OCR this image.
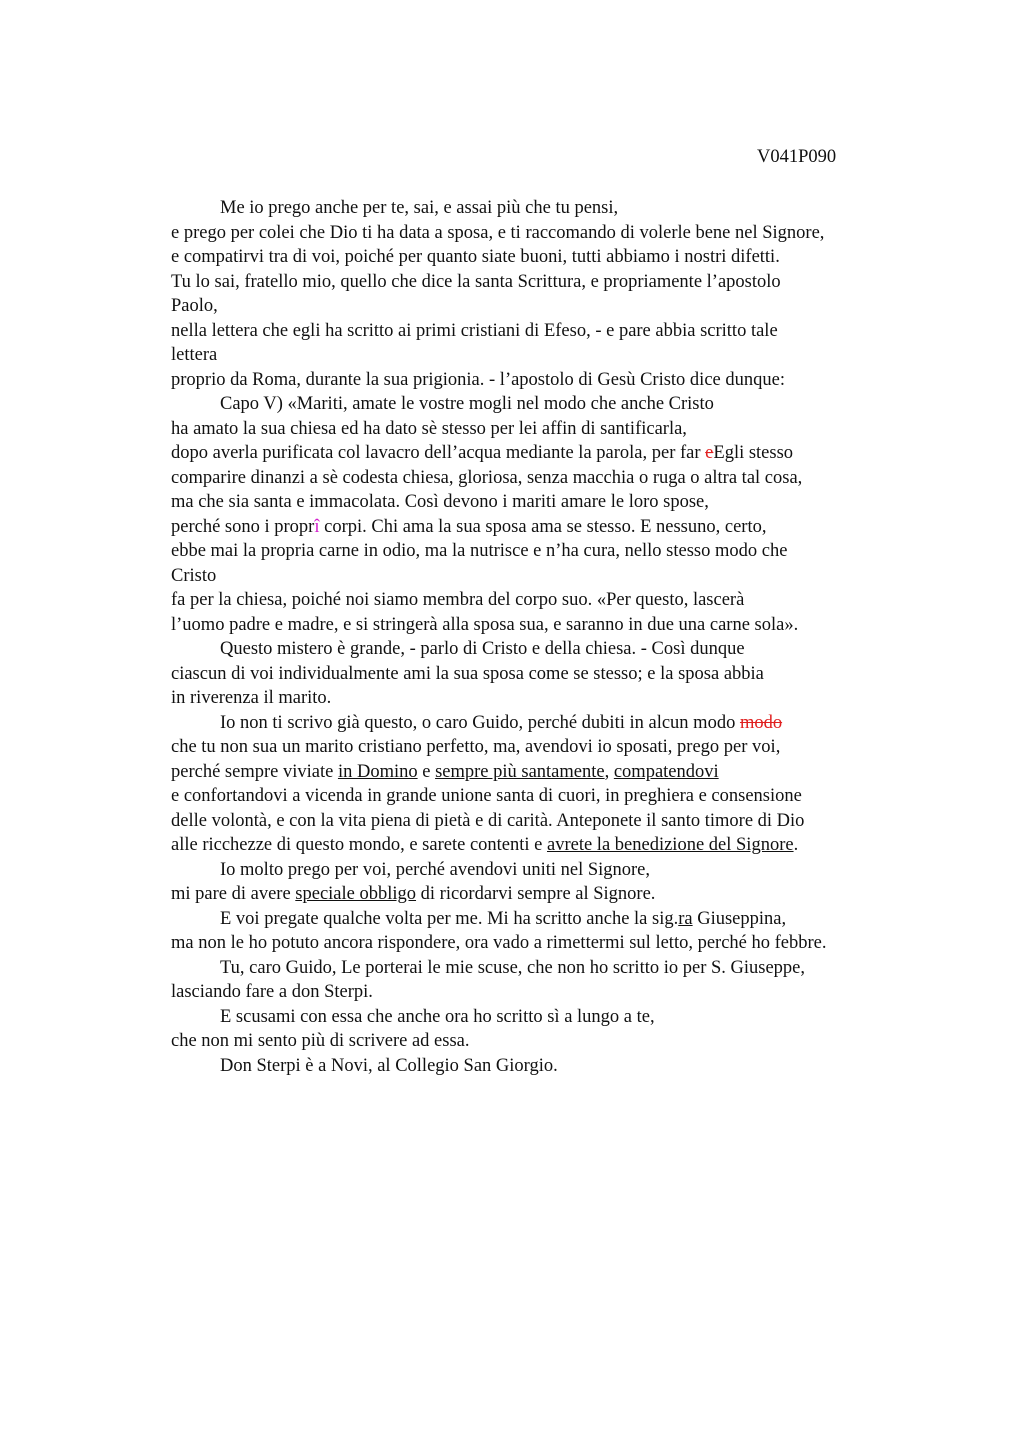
V041P090
Me io prego anche per te, sai, e assai più che tu pensi,
e prego per colei che Dio ti ha data a sposa, e ti raccomando di volerle bene nel Signore,
e compatirvi tra di voi, poiché per quanto siate buoni, tutti abbiamo i nostri difetti.
Tu lo sai, fratello mio, quello che dice la santa Scrittura, e propriamente l’apostolo
Paolo,
nella lettera che egli ha scritto ai primi cristiani di Efeso, - e pare abbia scritto tale
lettera
proprio da Roma, durante la sua prigionia. - l’apostolo di Gesù Cristo dice dunque:
Capo V) «Mariti, amate le vostre mogli nel modo che anche Cristo
ha amato la sua chiesa ed ha dato sè stesso per lei affin di santificarla,
dopo averla purificata col lavacro dell’acqua mediante la parola, per far eEgli stesso
comparire dinanzi a sè codesta chiesa, gloriosa, senza macchia o ruga o altra tal cosa,
ma che sia santa e immacolata. Così devono i mariti amare le loro spose,
perché sono i proprî corpi. Chi ama la sua sposa ama se stesso. E nessuno, certo,
ebbe mai la propria carne in odio, ma la nutrisce e n’ha cura, nello stesso modo che
Cristo
fa per la chiesa, poiché noi siamo membra del corpo suo. «Per questo, lascerà
l’uomo padre e madre, e si stringerà alla sposa sua, e saranno in due una carne sola».
Questo mistero è grande, - parlo di Cristo e della chiesa. - Così dunque
ciascun di voi individualmente ami la sua sposa come se stesso; e la sposa abbia
in riverenza il marito.
Io non ti scrivo già questo, o caro Guido, perché dubiti in alcun modo modo
che tu non sua un marito cristiano perfetto, ma, avendovi io sposati, prego per voi,
perché sempre viviate in Domino e sempre più santamente, compatendovi
e confortandovi a vicenda in grande unione santa di cuori, in preghiera e consensione
delle volontà, e con la vita piena di pietà e di carità. Anteponete il santo timore di Dio
alle ricchezze di questo mondo, e sarete contenti e avrete la benedizione del Signore.
Io molto prego per voi, perché avendovi uniti nel Signore,
mi pare di avere speciale obbligo di ricordarvi sempre al Signore.
E voi pregate qualche volta per me. Mi ha scritto anche la sig.ra Giuseppina,
ma non le ho potuto ancora rispondere, ora vado a rimettermi sul letto, perché ho febbre.
Tu, caro Guido, Le porterai le mie scuse, che non ho scritto io per S. Giuseppe,
lasciando fare a don Sterpi.
E scusami con essa che anche ora ho scritto sì a lungo a te,
che non mi sento più di scrivere ad essa.
Don Sterpi è a Novi, al Collegio San Giorgio.
